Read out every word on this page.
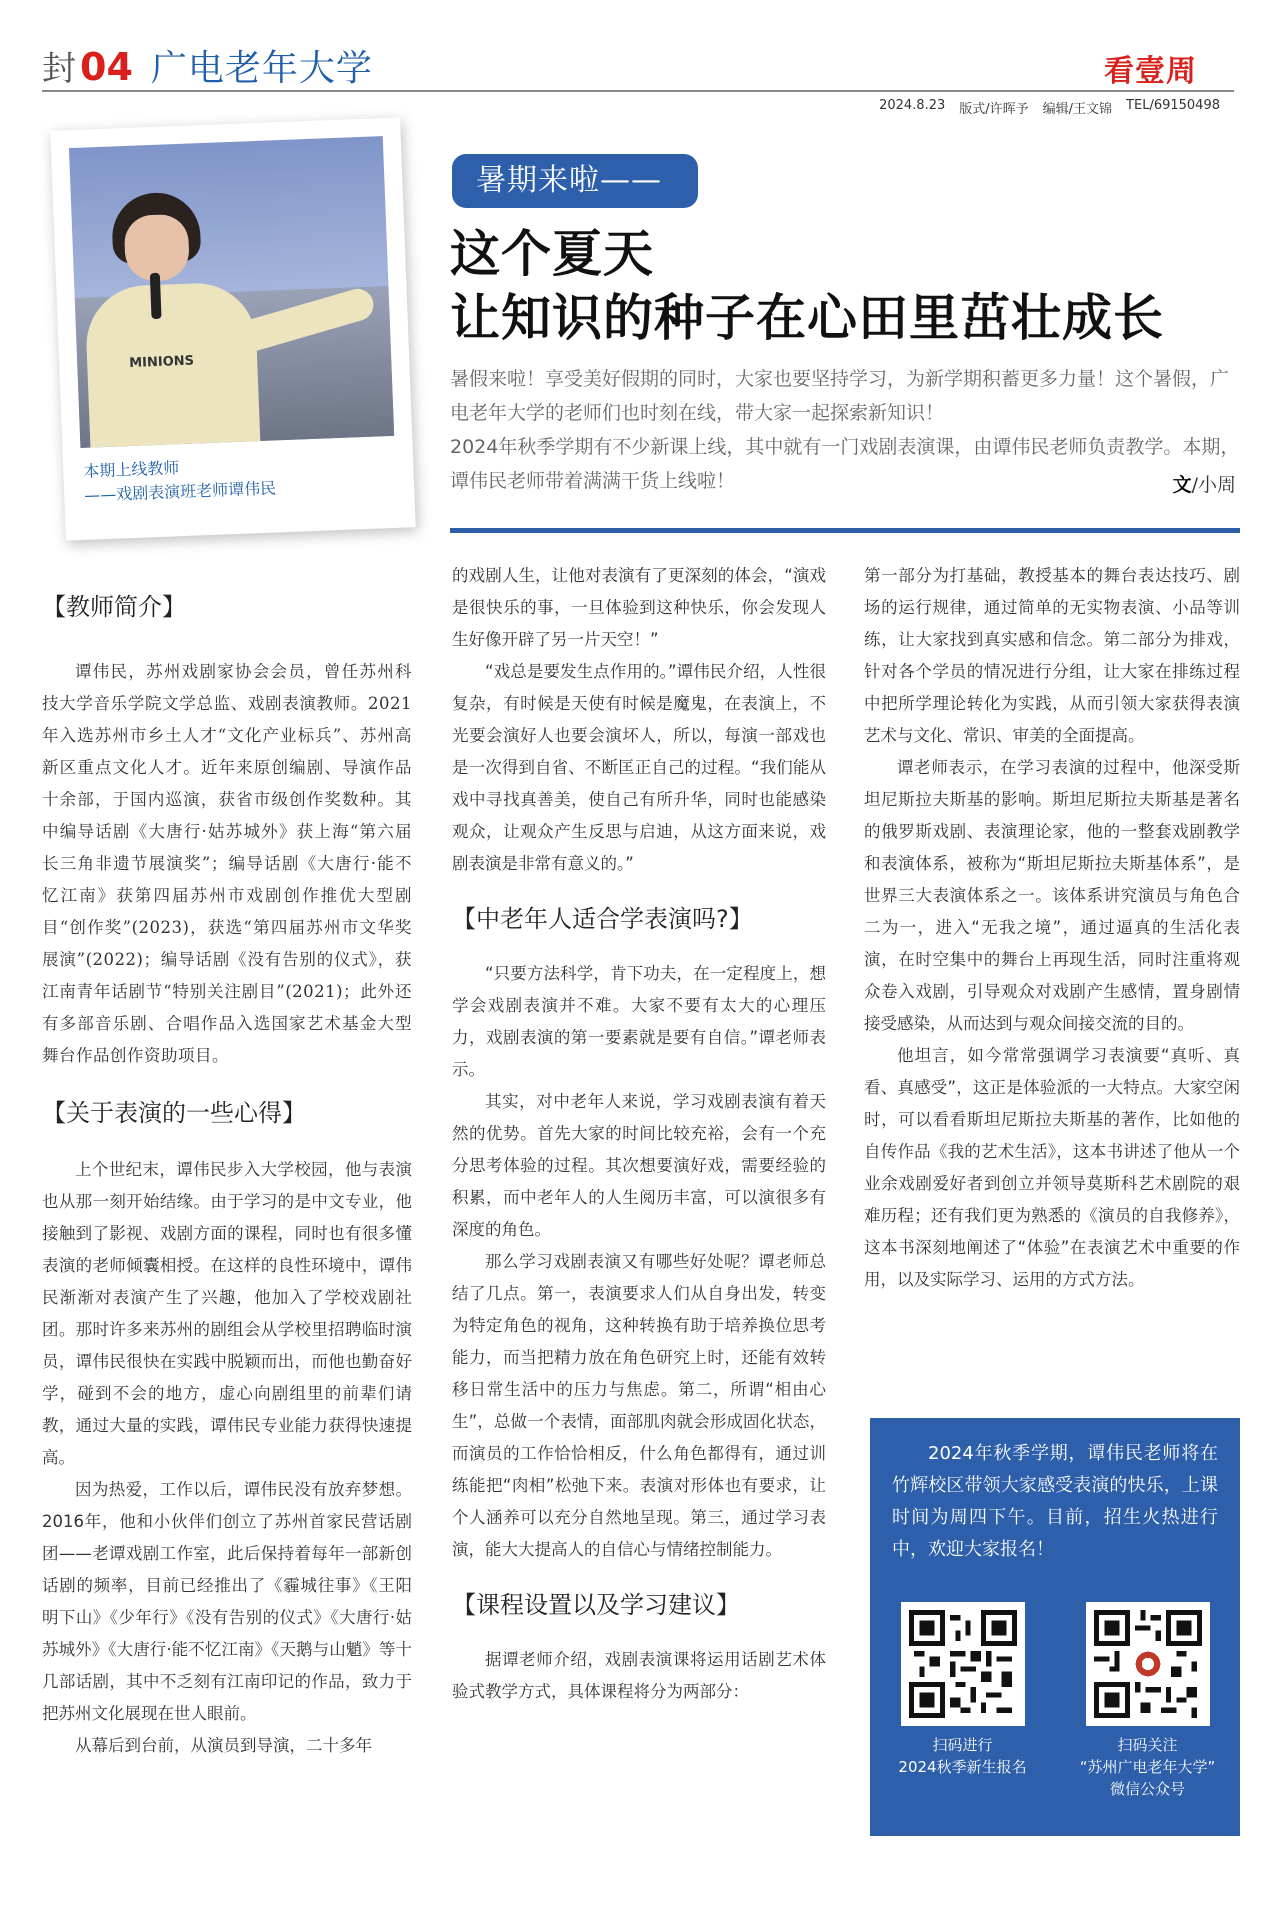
封 04 广电老年大学	看壹周
2024.8.23 版式/许晖予 编辑/王文锦 TEL/69150498
MINIONS
本期上线教师
——戏剧表演班老师谭伟民
暑期来啦——
这个夏天
让知识的种子在心田里茁壮成长
暑假来啦！享受美好假期的同时，大家也要坚持学习，为新学期积蓄更多力量！这个暑假，广电老年大学的老师们也时刻在线，带大家一起探索新知识！
2024年秋季学期有不少新课上线，其中就有一门戏剧表演课，由谭伟民老师负责教学。本期，谭伟民老师带着满满干货上线啦！	文/小周
【教师简介】

谭伟民，苏州戏剧家协会会员，曾任苏州科技大学音乐学院文学总监、戏剧表演教师。2021年入选苏州市乡土人才“文化产业标兵”、苏州高新区重点文化人才。近年来原创编剧、导演作品十余部，于国内巡演，获省市级创作奖数种。其中编导话剧《大唐行·姑苏城外》获上海“第六届长三角非遗节展演奖”；编导话剧《大唐行·能不忆江南》获第四届苏州市戏剧创作推优大型剧目“创作奖”(2023)，获选“第四届苏州市文华奖展演”(2022)；编导话剧《没有告别的仪式》，获江南青年话剧节“特别关注剧目”(2021)；此外还有多部音乐剧、合唱作品入选国家艺术基金大型舞台作品创作资助项目。

【关于表演的一些心得】

上个世纪末，谭伟民步入大学校园，他与表演也从那一刻开始结缘。由于学习的是中文专业，他接触到了影视、戏剧方面的课程，同时也有很多懂表演的老师倾囊相授。在这样的良性环境中，谭伟民渐渐对表演产生了兴趣，他加入了学校戏剧社团。那时许多来苏州的剧组会从学校里招聘临时演员，谭伟民很快在实践中脱颖而出，而他也勤奋好学，碰到不会的地方，虚心向剧组里的前辈们请教，通过大量的实践，谭伟民专业能力获得快速提高。

因为热爱，工作以后，谭伟民没有放弃梦想。2016年，他和小伙伴们创立了苏州首家民营话剧团——老谭戏剧工作室，此后保持着每年一部新创话剧的频率，目前已经推出了《霾城往事》《王阳明下山》《少年行》《没有告别的仪式》《大唐行·姑苏城外》《大唐行·能不忆江南》《天鹅与山魈》等十几部话剧，其中不乏刻有江南印记的作品，致力于把苏州文化展现在世人眼前。

从幕后到台前，从演员到导演，二十多年

的戏剧人生，让他对表演有了更深刻的体会，“演戏是很快乐的事，一旦体验到这种快乐，你会发现人生好像开辟了另一片天空！”

“戏总是要发生点作用的。”谭伟民介绍，人性很复杂，有时候是天使有时候是魔鬼，在表演上，不光要会演好人也要会演坏人，所以，每演一部戏也是一次得到自省、不断匡正自己的过程。“我们能从戏中寻找真善美，使自己有所升华，同时也能感染观众，让观众产生反思与启迪，从这方面来说，戏剧表演是非常有意义的。”

【中老年人适合学表演吗?】

“只要方法科学，肯下功夫，在一定程度上，想学会戏剧表演并不难。大家不要有太大的心理压力，戏剧表演的第一要素就是要有自信。”谭老师表示。

其实，对中老年人来说，学习戏剧表演有着天然的优势。首先大家的时间比较充裕，会有一个充分思考体验的过程。其次想要演好戏，需要经验的积累，而中老年人的人生阅历丰富，可以演很多有深度的角色。

那么学习戏剧表演又有哪些好处呢？谭老师总结了几点。第一，表演要求人们从自身出发，转变为特定角色的视角，这种转换有助于培养换位思考能力，而当把精力放在角色研究上时，还能有效转移日常生活中的压力与焦虑。第二，所谓“相由心生”，总做一个表情，面部肌肉就会形成固化状态，而演员的工作恰恰相反，什么角色都得有，通过训练能把“肉相”松弛下来。表演对形体也有要求，让个人涵养可以充分自然地呈现。第三，通过学习表演，能大大提高人的自信心与情绪控制能力。

【课程设置以及学习建议】

据谭老师介绍，戏剧表演课将运用话剧艺术体验式教学方式，具体课程将分为两部分：

第一部分为打基础，教授基本的舞台表达技巧、剧场的运行规律，通过简单的无实物表演、小品等训练，让大家找到真实感和信念。第二部分为排戏，针对各个学员的情况进行分组，让大家在排练过程中把所学理论转化为实践，从而引领大家获得表演艺术与文化、常识、审美的全面提高。

谭老师表示，在学习表演的过程中，他深受斯坦尼斯拉夫斯基的影响。斯坦尼斯拉夫斯基是著名的俄罗斯戏剧、表演理论家，他的一整套戏剧教学和表演体系，被称为“斯坦尼斯拉夫斯基体系”，是世界三大表演体系之一。该体系讲究演员与角色合二为一，进入“无我之境”，通过逼真的生活化表演，在时空集中的舞台上再现生活，同时注重将观众卷入戏剧，引导观众对戏剧产生感情，置身剧情接受感染，从而达到与观众间接交流的目的。

他坦言，如今常常强调学习表演要“真听、真看、真感受”，这正是体验派的一大特点。大家空闲时，可以看看斯坦尼斯拉夫斯基的著作，比如他的自传作品《我的艺术生活》，这本书讲述了他从一个业余戏剧爱好者到创立并领导莫斯科艺术剧院的艰难历程；还有我们更为熟悉的《演员的自我修养》，这本书深刻地阐述了“体验”在表演艺术中重要的作用，以及实际学习、运用的方式方法。

2024年秋季学期，谭伟民老师将在竹辉校区带领大家感受表演的快乐，上课时间为周四下午。目前，招生火热进行中，欢迎大家报名！

扫码进行
2024秋季新生报名
扫码关注
“苏州广电老年大学”
微信公众号
